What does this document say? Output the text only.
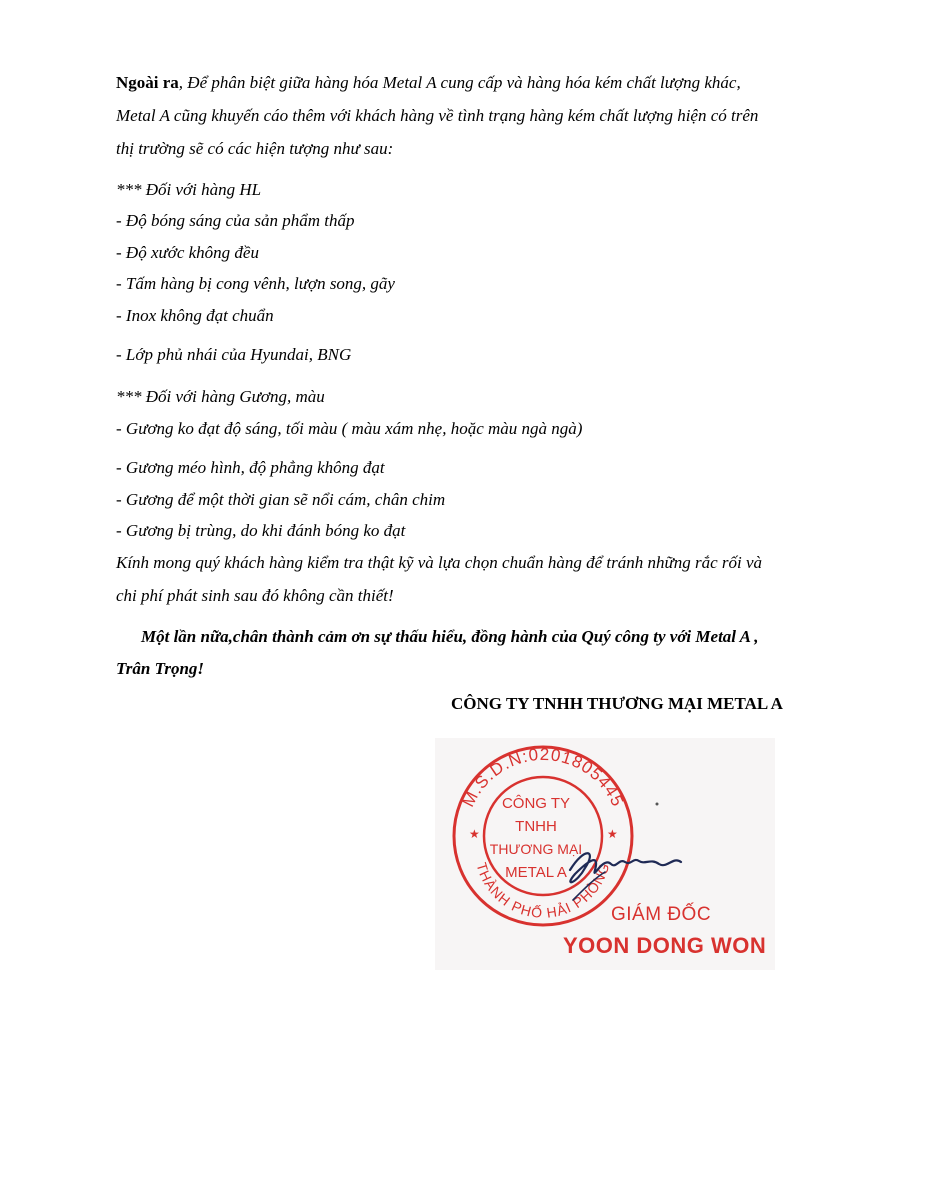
Ngoài ra, Để phân biệt giữa hàng hóa Metal A cung cấp và hàng hóa kém chất lượng khác,
Metal A cũng khuyến cáo thêm với khách hàng về tình trạng hàng kém chất lượng hiện có trên
thị trường sẽ có các hiện tượng như sau:
*** Đối với hàng HL
- Độ bóng sáng của sản phẩm thấp
- Độ xước không đều
- Tấm hàng bị cong vênh, lượn song, gãy
- Inox không đạt chuẩn
- Lớp phủ nhái của Hyundai, BNG
*** Đối với hàng Gương, màu
- Gương ko đạt độ sáng, tối màu ( màu xám nhẹ, hoặc màu ngà ngà)
- Gương méo hình, độ phẳng không đạt
- Gương để một thời gian sẽ nổi cám, chân chim
- Gương bị trùng, do khi đánh bóng ko đạt
Kính mong quý khách hàng kiểm tra thật kỹ và lựa chọn chuẩn hàng để tránh những rắc rối và
chi phí phát sinh sau đó không cần thiết!
Một lần nữa,chân thành cảm ơn sự thấu hiểu, đồng hành của Quý công ty với Metal A ,
Trân Trọng!
CÔNG TY TNHH THƯƠNG MẠI METAL A
M.S.D.N:0201805445
THÀNH PHỐ HẢI PHÒNG
★	★
CÔNG TY
TNHH
THƯƠNG MẠI
METAL A
GIÁM ĐỐC
YOON DONG WON
